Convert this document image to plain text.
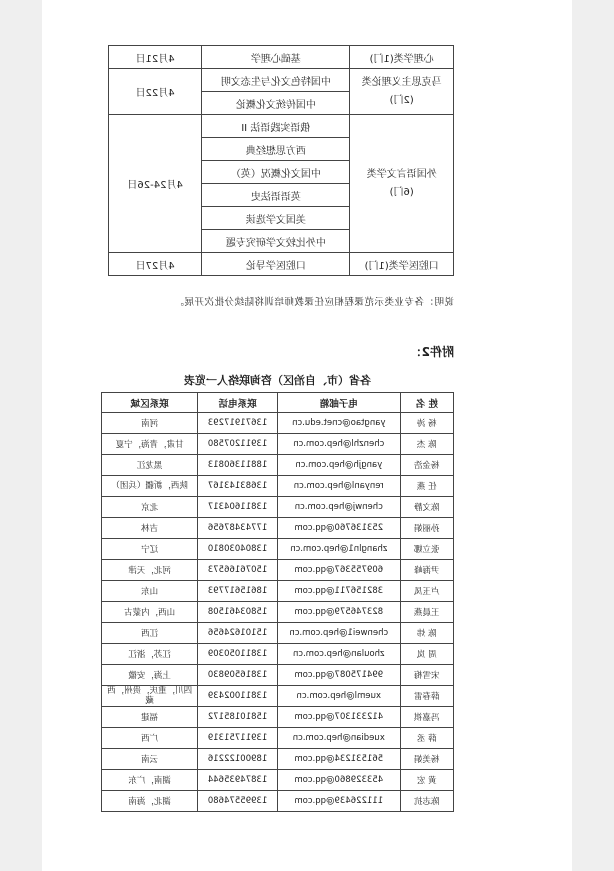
心理学类(1门)	基础心理学	4月21日
马克思主义理论类
(2门)	中国特色文化与生态文明	4月22日
	中国传统文化概论	
外国语言文学类
(6门)	俄语实践语法 II	4月24-26日
	西方思想经典	
	中国文化概况（英）	
	英语语法史	
	美国文学选读	
	中外比较文学研究专题	
口腔医学类(1门)	口腔医学导论	4月27日
说明：各专业类示范课程相应任课教师培训将陆续分批次开展。
附件2：
各省（市、自治区）咨询联络人一览表
姓 名	电子邮箱	联系电话	联系区域
杨 涛	yangtao@cnet.edu.cn	13671917293	河南
陈 杰	chenzhl@hep.com.cn	13911207580	甘肃，青海，宁夏
杨金浩	yangjh@hep.com.cn	18811360813	黑龙江
任 燕	renyanl@hep.com.cn	13683143167	陕西，新疆（兵团）
陈文静	chenwj@hep.com.cn	13811604317	北京
孙丽娟	253136760@qq.com	17743487656	吉林
张立娜	zhangln1@hep.com.cn	13804030810	辽宁
尹海峰	609755367@qq.com	15076166573	河北，天津
卢玉凤	382156711@qq.com	18615617793	山东
王晨燕	823746579@qq.com	15803461508	山西，内蒙古
陈 炜	chenwei1@hep.com.cn	15101624656	江西
周 岚	zhoulan@hep.com.cn	13811050309	江苏，浙江
宋雪梅	994175087@qq.com	13816509830	上海，安徽
薛春雷	xueml@hep.com.cn	13811002439	四川，重庆，贵州，西藏
冯嘉祺	412331307@qq.com	15810185172	福建
薛 丞	xuedian@hep.com.cn	13911751319	广西
杨美娟	561531234@qq.com	18900122216	云南
黄 宏	453329860@qq.com	13874935644	湖南，广东
陈志抗	111226439@qq.com	13995574680	湖北，海南
